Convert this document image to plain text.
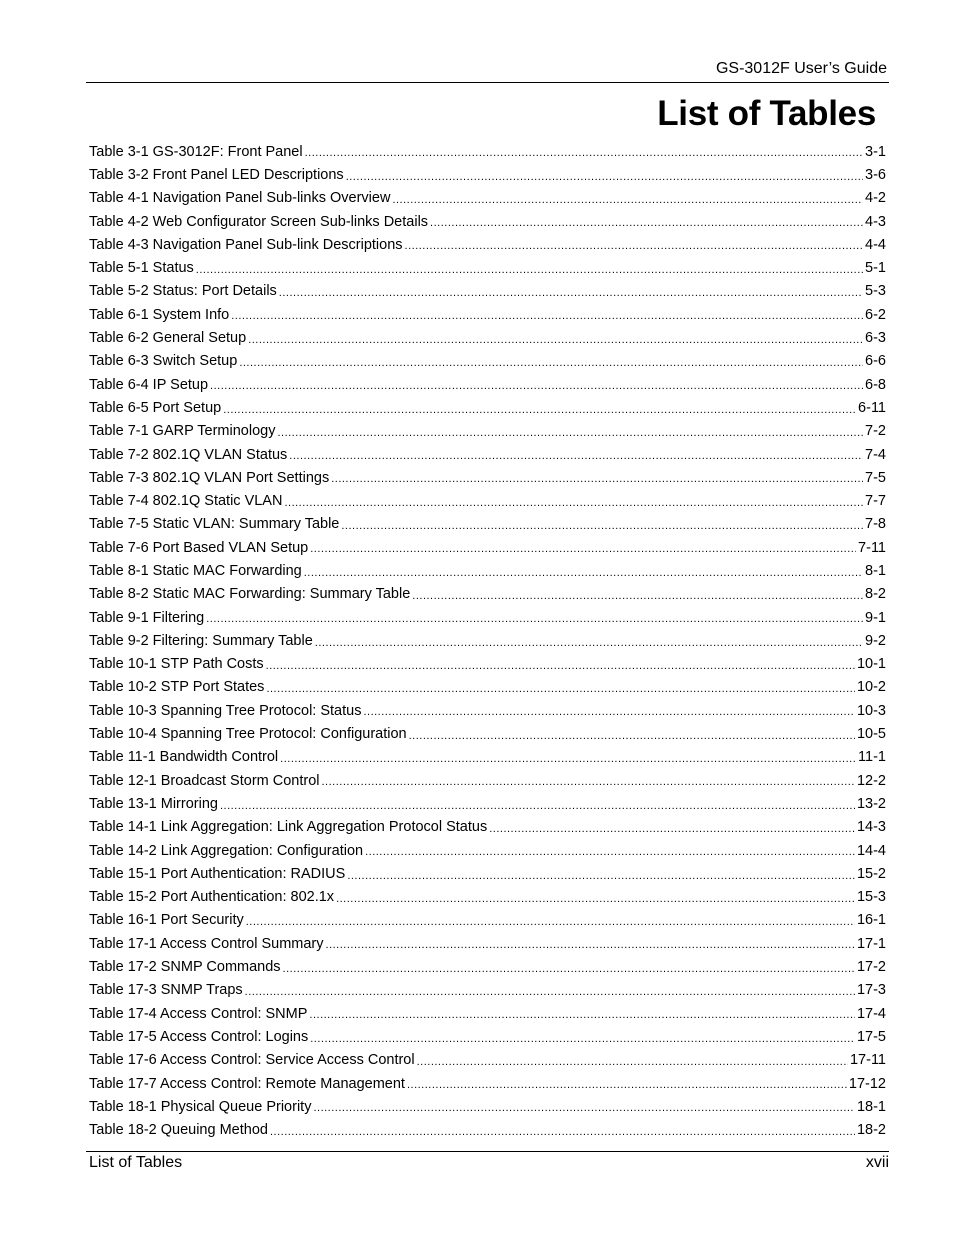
GS-3012F User’s Guide
List of Tables
Table 3-1 GS-3012F: Front Panel .....	3-1
Table 3-2 Front Panel LED Descriptions .....	3-6
Table 4-1 Navigation Panel Sub-links Overview .....	4-2
Table 4-2 Web Configurator Screen Sub-links Details .....	4-3
Table 4-3 Navigation Panel Sub-link Descriptions .....	4-4
Table 5-1 Status .....	5-1
Table 5-2 Status: Port Details .....	5-3
Table 6-1 System Info .....	6-2
Table 6-2 General Setup .....	6-3
Table 6-3 Switch Setup .....	6-6
Table 6-4 IP Setup .....	6-8
Table 6-5 Port Setup .....	6-11
Table 7-1 GARP Terminology .....	7-2
Table 7-2 802.1Q VLAN Status .....	7-4
Table 7-3 802.1Q VLAN Port Settings .....	7-5
Table 7-4 802.1Q Static VLAN .....	7-7
Table 7-5 Static VLAN: Summary Table .....	7-8
Table 7-6 Port Based VLAN Setup .....	7-11
Table 8-1 Static MAC Forwarding .....	8-1
Table 8-2 Static MAC Forwarding: Summary Table .....	8-2
Table 9-1 Filtering .....	9-1
Table 9-2 Filtering: Summary Table .....	9-2
Table 10-1 STP Path Costs .....	10-1
Table 10-2 STP Port States .....	10-2
Table 10-3 Spanning Tree Protocol: Status .....	10-3
Table 10-4 Spanning Tree Protocol: Configuration .....	10-5
Table 11-1 Bandwidth Control .....	11-1
Table 12-1 Broadcast Storm Control .....	12-2
Table 13-1 Mirroring .....	13-2
Table 14-1 Link Aggregation: Link Aggregation Protocol Status .....	14-3
Table 14-2 Link Aggregation: Configuration .....	14-4
Table 15-1 Port Authentication: RADIUS .....	15-2
Table 15-2 Port Authentication: 802.1x .....	15-3
Table 16-1 Port Security .....	16-1
Table 17-1 Access Control Summary .....	17-1
Table 17-2 SNMP Commands .....	17-2
Table 17-3 SNMP Traps .....	17-3
Table 17-4 Access Control: SNMP .....	17-4
Table 17-5 Access Control: Logins .....	17-5
Table 17-6 Access Control: Service Access Control .....	17-11
Table 17-7 Access Control: Remote Management .....	17-12
Table 18-1 Physical Queue Priority .....	18-1
Table 18-2 Queuing Method .....	18-2
List of Tables	xvii
